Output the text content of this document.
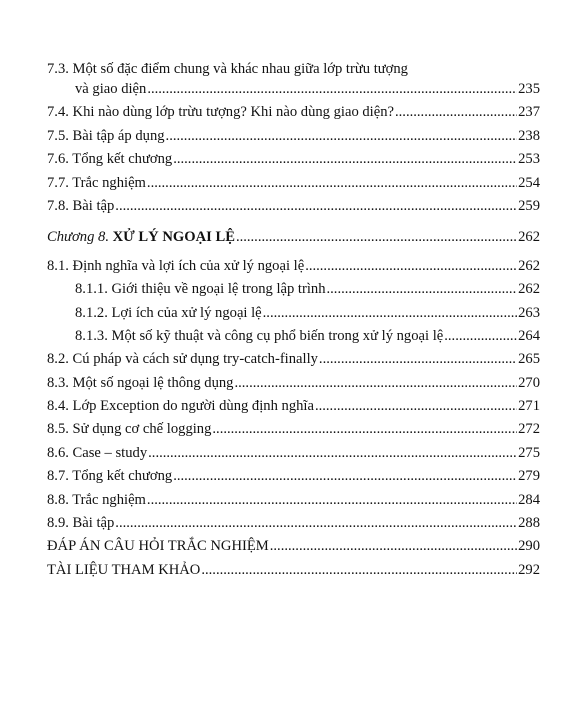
7.3. Một số đặc điểm chung và khác nhau giữa lớp trừu tượng
và giao diện .....	235
7.4. Khi nào dùng lớp trừu tượng? Khi nào dùng giao diện? .....	237
7.5. Bài tập áp dụng .....	238
7.6. Tổng kết chương .....	253
7.7. Trắc nghiệm .....	254
7.8. Bài tập .....	259
Chương 8. XỬ LÝ NGOẠI LỆ .....	262
8.1. Định nghĩa và lợi ích của xử lý ngoại lệ .....	262
8.1.1. Giới thiệu về ngoại lệ trong lập trình .....	262
8.1.2. Lợi ích của xử lý ngoại lệ .....	263
8.1.3. Một số kỹ thuật và công cụ phổ biến trong xử lý ngoại lệ .....	264
8.2. Cú pháp và cách sử dụng try-catch-finally .....	265
8.3. Một số ngoại lệ thông dụng .....	270
8.4. Lớp Exception do người dùng định nghĩa .....	271
8.5. Sử dụng cơ chế logging .....	272
8.6. Case – study .....	275
8.7. Tổng kết chương .....	279
8.8. Trắc nghiệm .....	284
8.9. Bài tập .....	288
ĐÁP ÁN CÂU HỎI TRẮC NGHIỆM .....	290
TÀI LIỆU THAM KHẢO .....	292
